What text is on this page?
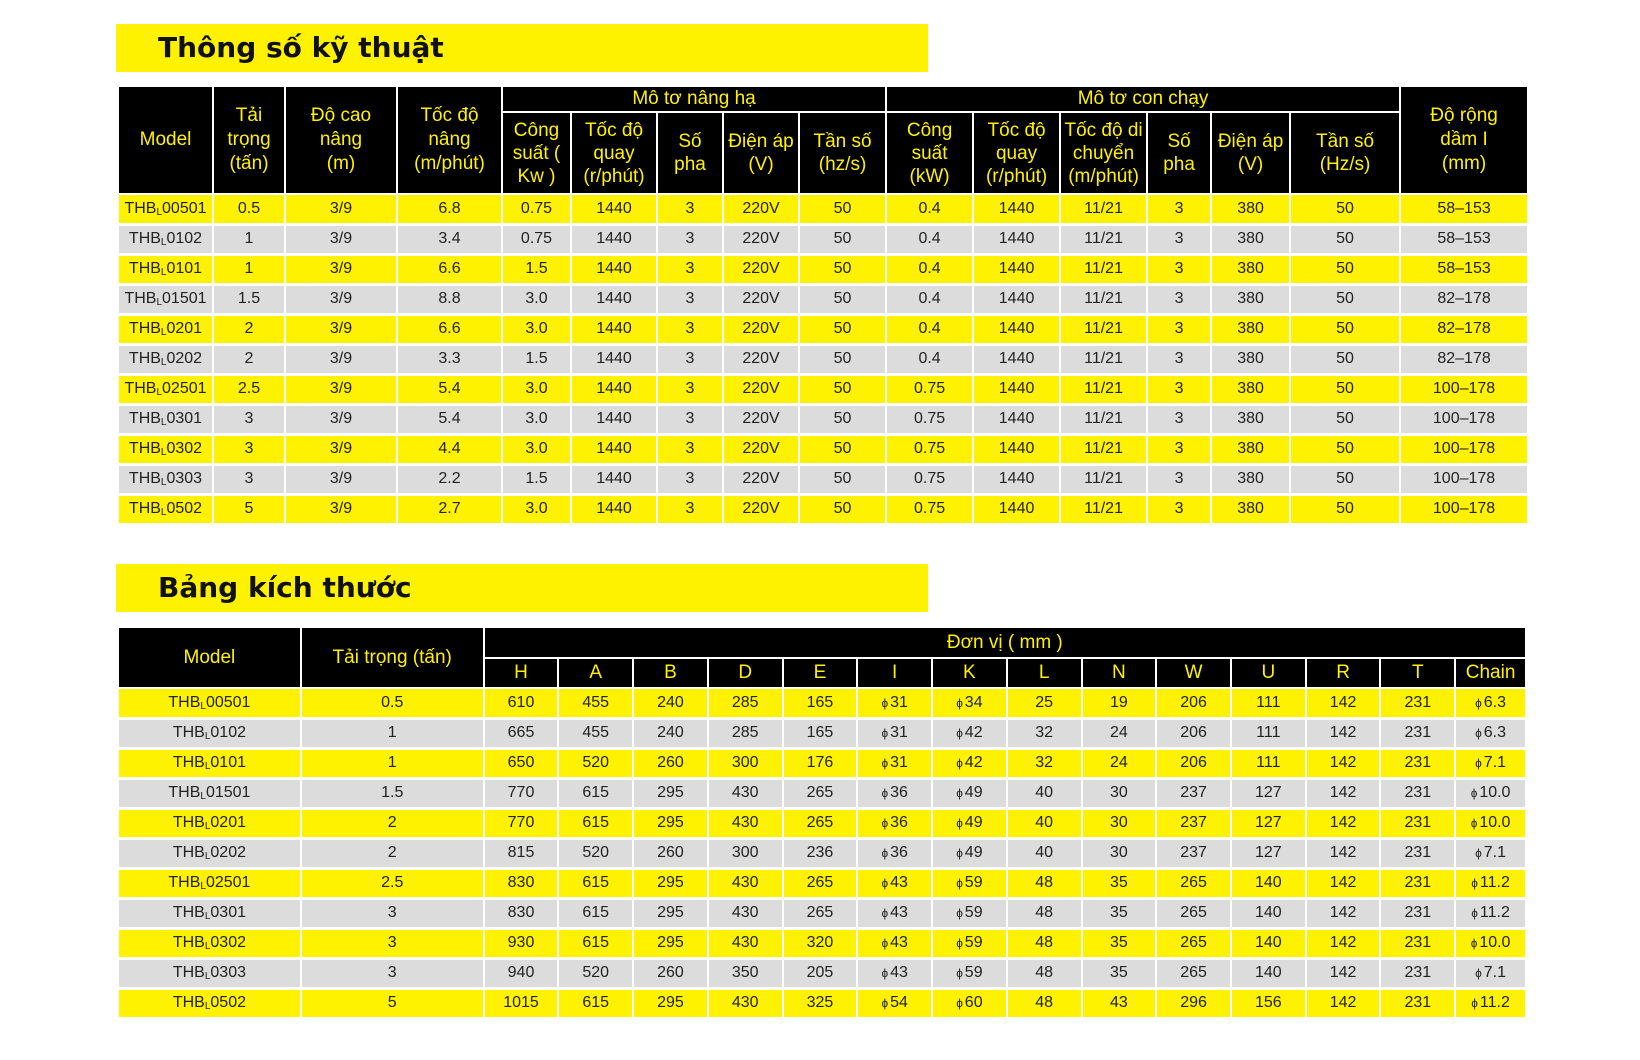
Thông số kỹ thuật
Model	Tải trọng (tấn)	Độ cao nâng (m)	Tốc độ nâng (m/phút)	Mô tơ nâng hạ					Mô tơ con chạy						Độ rộng dầm I (mm)

				Công suất ( Kw )	Tốc độ quay (r/phút)	Số pha	Điện áp (V)	Tần số (hz/s)	Công suất (kW)	Tốc độ quay (r/phút)	Tốc độ di chuyển (m/phút)	Số pha	Điện áp (V)	Tần số (Hz/s)	

$THB_L00501$	0.5	3/9	6.8	0.75	1440	3	220V	50	0.4	1440	11/21	3	380	50	58–153
$THB_L0102$	1	3/9	3.4	0.75	1440	3	220V	50	0.4	1440	11/21	3	380	50	58–153
$THB_L0101$	1	3/9	6.6	1.5	1440	3	220V	50	0.4	1440	11/21	3	380	50	58–153
$THB_L01501$	1.5	3/9	8.8	3.0	1440	3	220V	50	0.4	1440	11/21	3	380	50	82–178
$THB_L0201$	2	3/9	6.6	3.0	1440	3	220V	50	0.4	1440	11/21	3	380	50	82–178
$THB_L0202$	2	3/9	3.3	1.5	1440	3	220V	50	0.4	1440	11/21	3	380	50	82–178
$THB_L02501$	2.5	3/9	5.4	3.0	1440	3	220V	50	0.75	1440	11/21	3	380	50	100–178
$THB_L0301$	3	3/9	5.4	3.0	1440	3	220V	50	0.75	1440	11/21	3	380	50	100–178
$THB_L0302$	3	3/9	4.4	3.0	1440	3	220V	50	0.75	1440	11/21	3	380	50	100–178
$THB_L0303$	3	3/9	2.2	1.5	1440	3	220V	50	0.75	1440	11/21	3	380	50	100–178
$THB_L0502$	5	3/9	2.7	3.0	1440	3	220V	50	0.75	1440	11/21	3	380	50	100–178
Bảng kích thước
Model	Tải trọng (tấn)	Đơn vị ( mm )													
		H	A	B	D	E	I	K	L	N	W	U	R	T	Chain
$THB_L00501$	0.5	610	455	240	285	165	ɸ 31	ɸ 34	25	19	206	111	142	231	ɸ 6.3
$THB_L0102$	1	665	455	240	285	165	ɸ 31	ɸ 42	32	24	206	111	142	231	ɸ 6.3
$THB_L0101$	1	650	520	260	300	176	ɸ 31	ɸ 42	32	24	206	111	142	231	ɸ 7.1
$THB_L01501$	1.5	770	615	295	430	265	ɸ 36	ɸ 49	40	30	237	127	142	231	ɸ 10.0
$THB_L0201$	2	770	615	295	430	265	ɸ 36	ɸ 49	40	30	237	127	142	231	ɸ 10.0
$THB_L0202$	2	815	520	260	300	236	ɸ 36	ɸ 49	40	30	237	127	142	231	ɸ 7.1
$THB_L02501$	2.5	830	615	295	430	265	ɸ 43	ɸ 59	48	35	265	140	142	231	ɸ 11.2
$THB_L0301$	3	830	615	295	430	265	ɸ 43	ɸ 59	48	35	265	140	142	231	ɸ 11.2
$THB_L0302$	3	930	615	295	430	320	ɸ 43	ɸ 59	48	35	265	140	142	231	ɸ 10.0
$THB_L0303$	3	940	520	260	350	205	ɸ 43	ɸ 59	48	35	265	140	142	231	ɸ 7.1
$THB_L0502$	5	1015	615	295	430	325	ɸ 54	ɸ 60	48	43	296	156	142	231	ɸ 11.2
